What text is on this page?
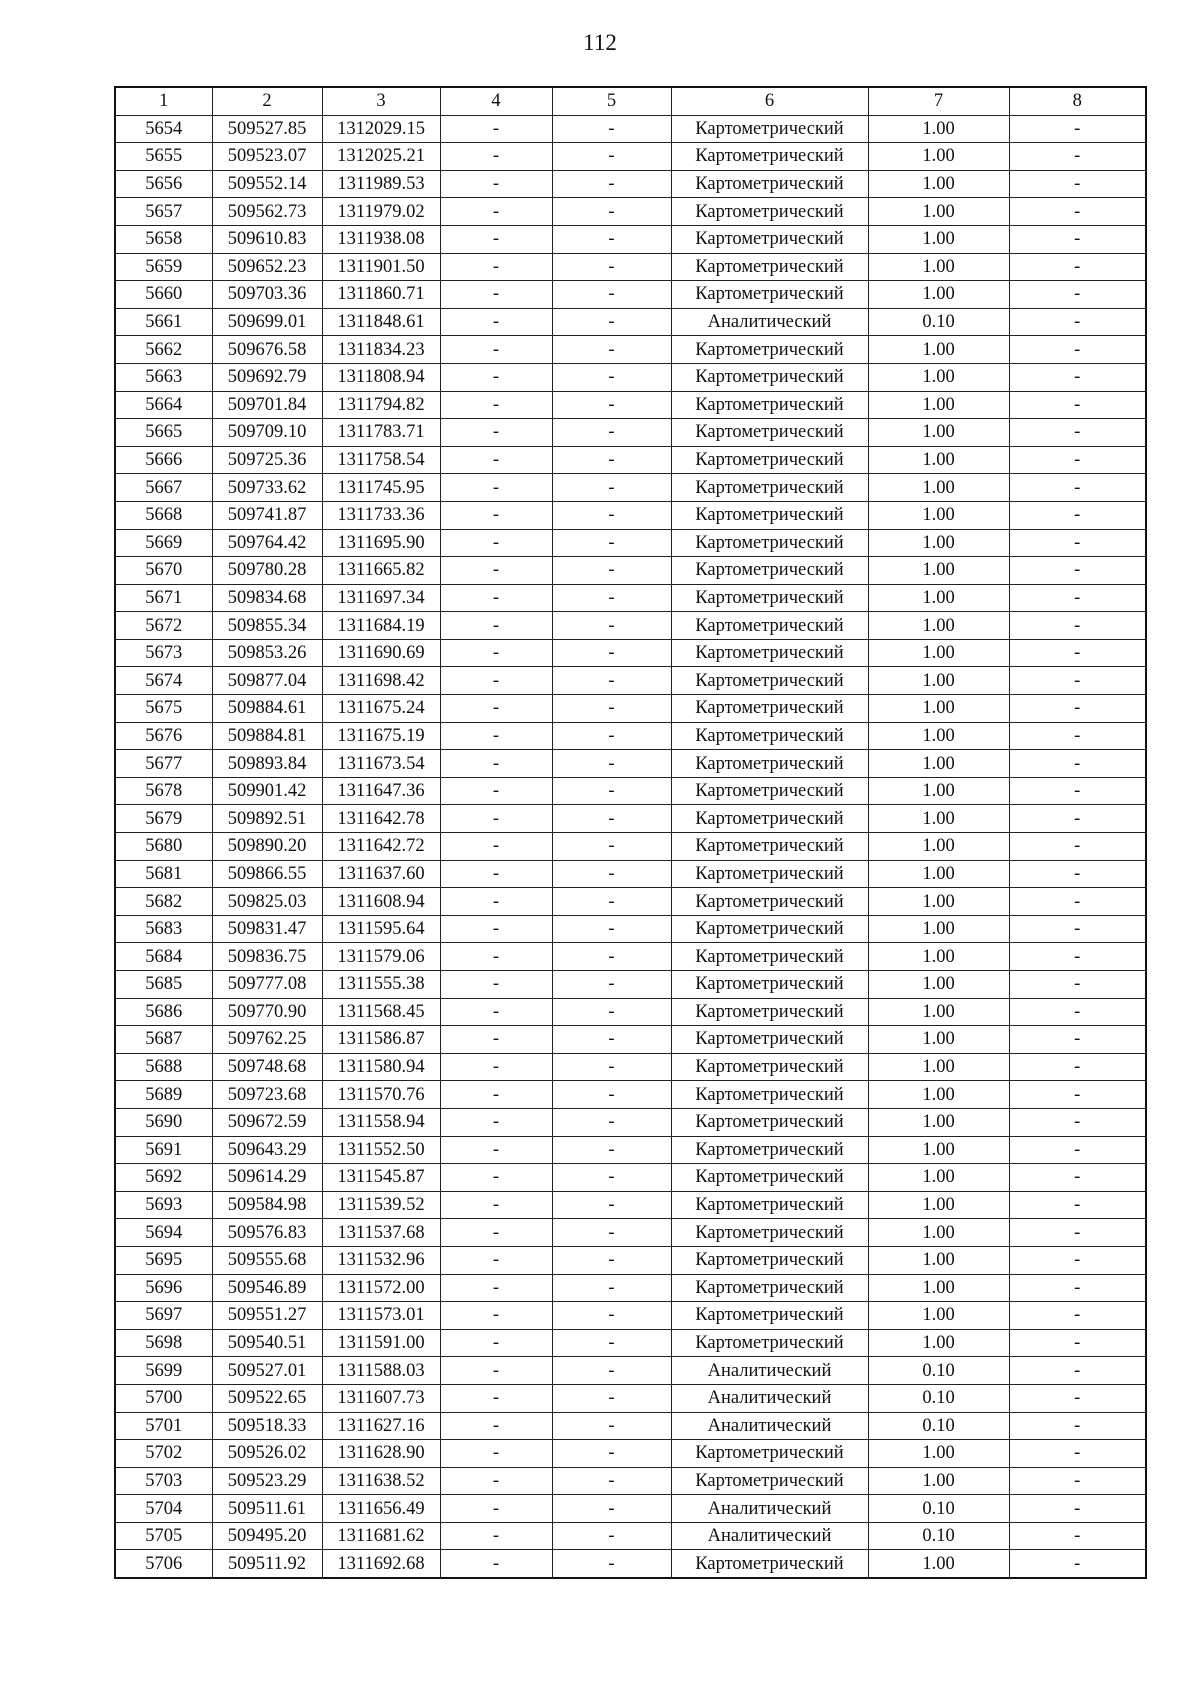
112
1	2	3	4	5	6	7	8
5654	509527.85	1312029.15	-	-	Картометрический	1.00	-
5655	509523.07	1312025.21	-	-	Картометрический	1.00	-
5656	509552.14	1311989.53	-	-	Картометрический	1.00	-
5657	509562.73	1311979.02	-	-	Картометрический	1.00	-
5658	509610.83	1311938.08	-	-	Картометрический	1.00	-
5659	509652.23	1311901.50	-	-	Картометрический	1.00	-
5660	509703.36	1311860.71	-	-	Картометрический	1.00	-
5661	509699.01	1311848.61	-	-	Аналитический	0.10	-
5662	509676.58	1311834.23	-	-	Картометрический	1.00	-
5663	509692.79	1311808.94	-	-	Картометрический	1.00	-
5664	509701.84	1311794.82	-	-	Картометрический	1.00	-
5665	509709.10	1311783.71	-	-	Картометрический	1.00	-
5666	509725.36	1311758.54	-	-	Картометрический	1.00	-
5667	509733.62	1311745.95	-	-	Картометрический	1.00	-
5668	509741.87	1311733.36	-	-	Картометрический	1.00	-
5669	509764.42	1311695.90	-	-	Картометрический	1.00	-
5670	509780.28	1311665.82	-	-	Картометрический	1.00	-
5671	509834.68	1311697.34	-	-	Картометрический	1.00	-
5672	509855.34	1311684.19	-	-	Картометрический	1.00	-
5673	509853.26	1311690.69	-	-	Картометрический	1.00	-
5674	509877.04	1311698.42	-	-	Картометрический	1.00	-
5675	509884.61	1311675.24	-	-	Картометрический	1.00	-
5676	509884.81	1311675.19	-	-	Картометрический	1.00	-
5677	509893.84	1311673.54	-	-	Картометрический	1.00	-
5678	509901.42	1311647.36	-	-	Картометрический	1.00	-
5679	509892.51	1311642.78	-	-	Картометрический	1.00	-
5680	509890.20	1311642.72	-	-	Картометрический	1.00	-
5681	509866.55	1311637.60	-	-	Картометрический	1.00	-
5682	509825.03	1311608.94	-	-	Картометрический	1.00	-
5683	509831.47	1311595.64	-	-	Картометрический	1.00	-
5684	509836.75	1311579.06	-	-	Картометрический	1.00	-
5685	509777.08	1311555.38	-	-	Картометрический	1.00	-
5686	509770.90	1311568.45	-	-	Картометрический	1.00	-
5687	509762.25	1311586.87	-	-	Картометрический	1.00	-
5688	509748.68	1311580.94	-	-	Картометрический	1.00	-
5689	509723.68	1311570.76	-	-	Картометрический	1.00	-
5690	509672.59	1311558.94	-	-	Картометрический	1.00	-
5691	509643.29	1311552.50	-	-	Картометрический	1.00	-
5692	509614.29	1311545.87	-	-	Картометрический	1.00	-
5693	509584.98	1311539.52	-	-	Картометрический	1.00	-
5694	509576.83	1311537.68	-	-	Картометрический	1.00	-
5695	509555.68	1311532.96	-	-	Картометрический	1.00	-
5696	509546.89	1311572.00	-	-	Картометрический	1.00	-
5697	509551.27	1311573.01	-	-	Картометрический	1.00	-
5698	509540.51	1311591.00	-	-	Картометрический	1.00	-
5699	509527.01	1311588.03	-	-	Аналитический	0.10	-
5700	509522.65	1311607.73	-	-	Аналитический	0.10	-
5701	509518.33	1311627.16	-	-	Аналитический	0.10	-
5702	509526.02	1311628.90	-	-	Картометрический	1.00	-
5703	509523.29	1311638.52	-	-	Картометрический	1.00	-
5704	509511.61	1311656.49	-	-	Аналитический	0.10	-
5705	509495.20	1311681.62	-	-	Аналитический	0.10	-
5706	509511.92	1311692.68	-	-	Картометрический	1.00	-
